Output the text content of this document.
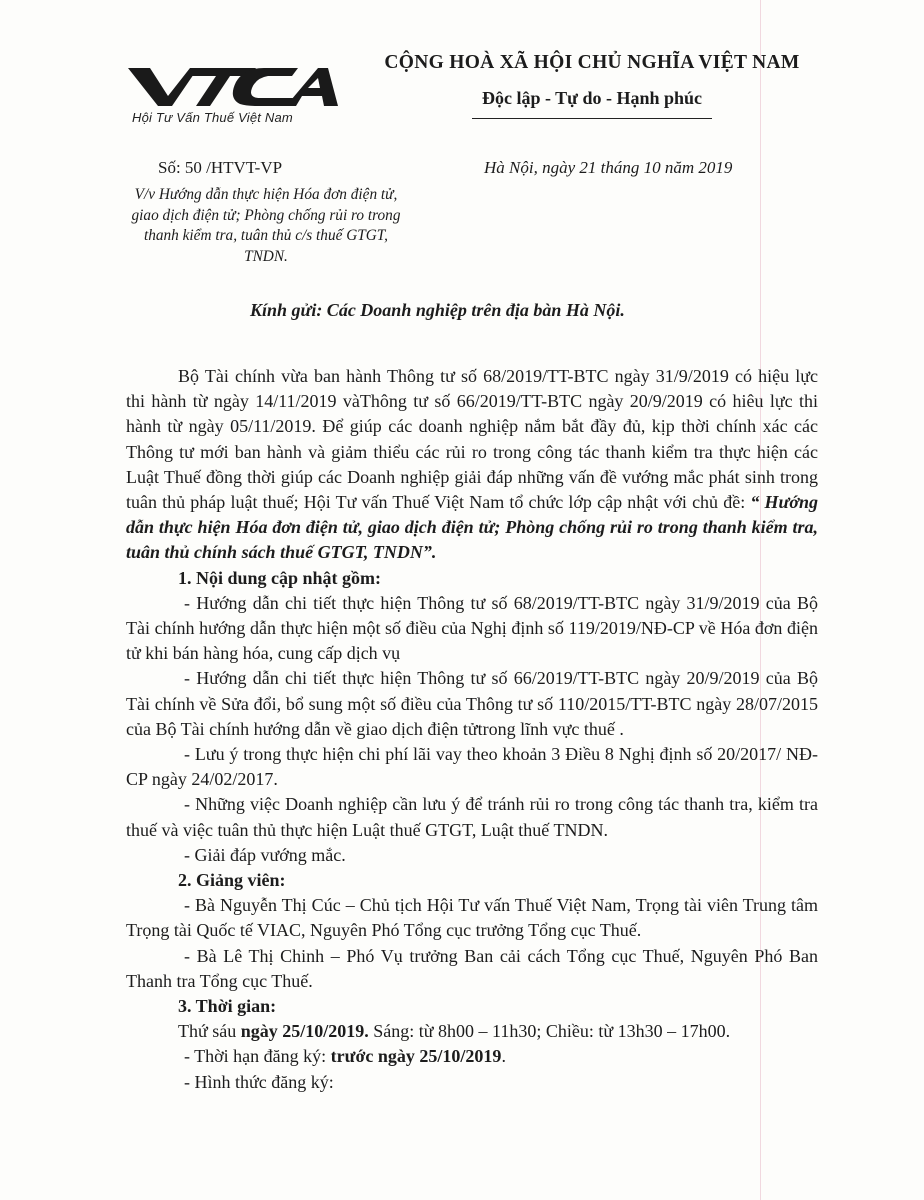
Hội Tư Vấn Thuế Việt Nam
CỘNG HOÀ XÃ HỘI CHỦ NGHĨA VIỆT NAM
Độc lập - Tự do - Hạnh phúc
Số: 50 /HTVT-VP	Hà Nội, ngày 21 tháng 10 năm 2019
V/v Hướng dẫn thực hiện Hóa đơn điện tử, giao dịch điện tử; Phòng chống rủi ro trong thanh kiểm tra, tuân thủ c/s thuế GTGT, TNDN.
Kính gửi: Các Doanh nghiệp trên địa bàn Hà Nội.

Bộ Tài chính vừa ban hành Thông tư số 68/2019/TT-BTC ngày 31/9/2019 có hiệu lực thi hành từ ngày 14/11/2019 vàThông tư số 66/2019/TT-BTC ngày 20/9/2019 có hiêu lực thi hành từ ngày 05/11/2019. Để giúp các doanh nghiệp nắm bắt đầy đủ, kịp thời chính xác các Thông tư mới ban hành và giảm thiểu các rủi ro trong công tác thanh kiểm tra thực hiện các Luật Thuế đồng thời giúp các Doanh nghiệp giải đáp những vấn đề vướng mắc phát sinh trong tuân thủ pháp luật thuế; Hội Tư vấn Thuế Việt Nam tổ chức lớp cập nhật với chủ đề: “ Hướng dẫn thực hiện Hóa đơn điện tử, giao dịch điện tử; Phòng chống rủi ro trong thanh kiểm tra, tuân thủ chính sách thuế GTGT, TNDN”.

1. Nội dung cập nhật gồm:

- Hướng dẫn chi tiết thực hiện Thông tư số 68/2019/TT-BTC ngày 31/9/2019 của Bộ Tài chính hướng dẫn thực hiện một số điều của Nghị định số 119/2019/NĐ-CP về Hóa đơn điện tử khi bán hàng hóa, cung cấp dịch vụ

- Hướng dẫn chi tiết thực hiện Thông tư số 66/2019/TT-BTC ngày 20/9/2019 của Bộ Tài chính về Sửa đổi, bổ sung một số điều của Thông tư số 110/2015/TT-BTC ngày 28/07/2015 của Bộ Tài chính hướng dẫn về giao dịch điện tửtrong lĩnh vực thuế .

- Lưu ý trong thực hiện chi phí lãi vay theo khoản 3 Điều 8 Nghị định số 20/2017/ NĐ- CP ngày 24/02/2017.

- Những việc Doanh nghiệp cần lưu ý để tránh rủi ro trong công tác thanh tra, kiểm tra thuế và việc tuân thủ thực hiện Luật thuế GTGT, Luật thuế TNDN.

- Giải đáp vướng mắc.

2. Giảng viên:

- Bà Nguyễn Thị Cúc – Chủ tịch Hội Tư vấn Thuế Việt Nam, Trọng tài viên Trung tâm Trọng tài Quốc tế VIAC, Nguyên Phó Tổng cục trưởng Tổng cục Thuế.

- Bà Lê Thị Chinh – Phó Vụ trưởng Ban cải cách Tổng cục Thuế, Nguyên Phó Ban Thanh tra Tổng cục Thuế.

3. Thời gian:

Thứ sáu ngày 25/10/2019. Sáng: từ 8h00 – 11h30; Chiều: từ 13h30 – 17h00.

- Thời hạn đăng ký: trước ngày 25/10/2019.

- Hình thức đăng ký:
